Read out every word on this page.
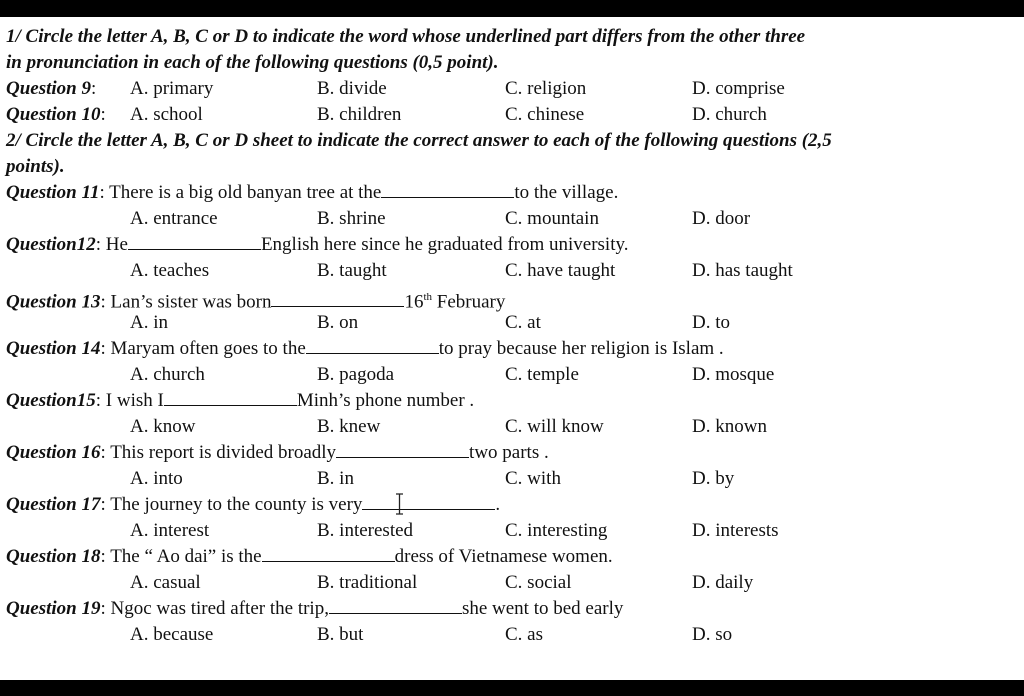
1/ Circle the letter A, B, C or D to indicate the word whose underlined part differs from the other three
in pronunciation in each of the following questions (0,5 point).
Question 9: A. primary	B. divide	C. religion	D. comprise
Question 10: A. school	B. children	C. chinese	D. church
2/ Circle the letter A, B, C or D sheet to indicate the correct answer to each of the following questions (2,5
points).
Question 11: There is a big old banyan tree at the	to the village.
A. entrance	B. shrine	C. mountain	D. door
Question12: He	English here since he graduated from university.
A. teaches	B. taught	C. have taught	D. has taught
Question 13: Lan’s sister was born	16th February
A. in	B. on	C. at	D. to
Question 14: Maryam often goes to the	to pray because her religion is Islam .
A. church	B. pagoda	C. temple	D. mosque
Question15: I wish I	Minh’s phone number .
A. know	B. knew	C. will know	D. known
Question 16: This report is divided broadly	two parts .
A. into	B. in	C. with	D. by
Question 17: The journey to the county is very	.
A. interest	B. interested	C. interesting	D. interests
Question 18: The “ Ao dai” is the	dress of Vietnamese women.
A. casual	B. traditional	C. social	D. daily
Question 19: Ngoc was tired after the trip,	she went to bed early
A. because	B. but	C. as	D. so
